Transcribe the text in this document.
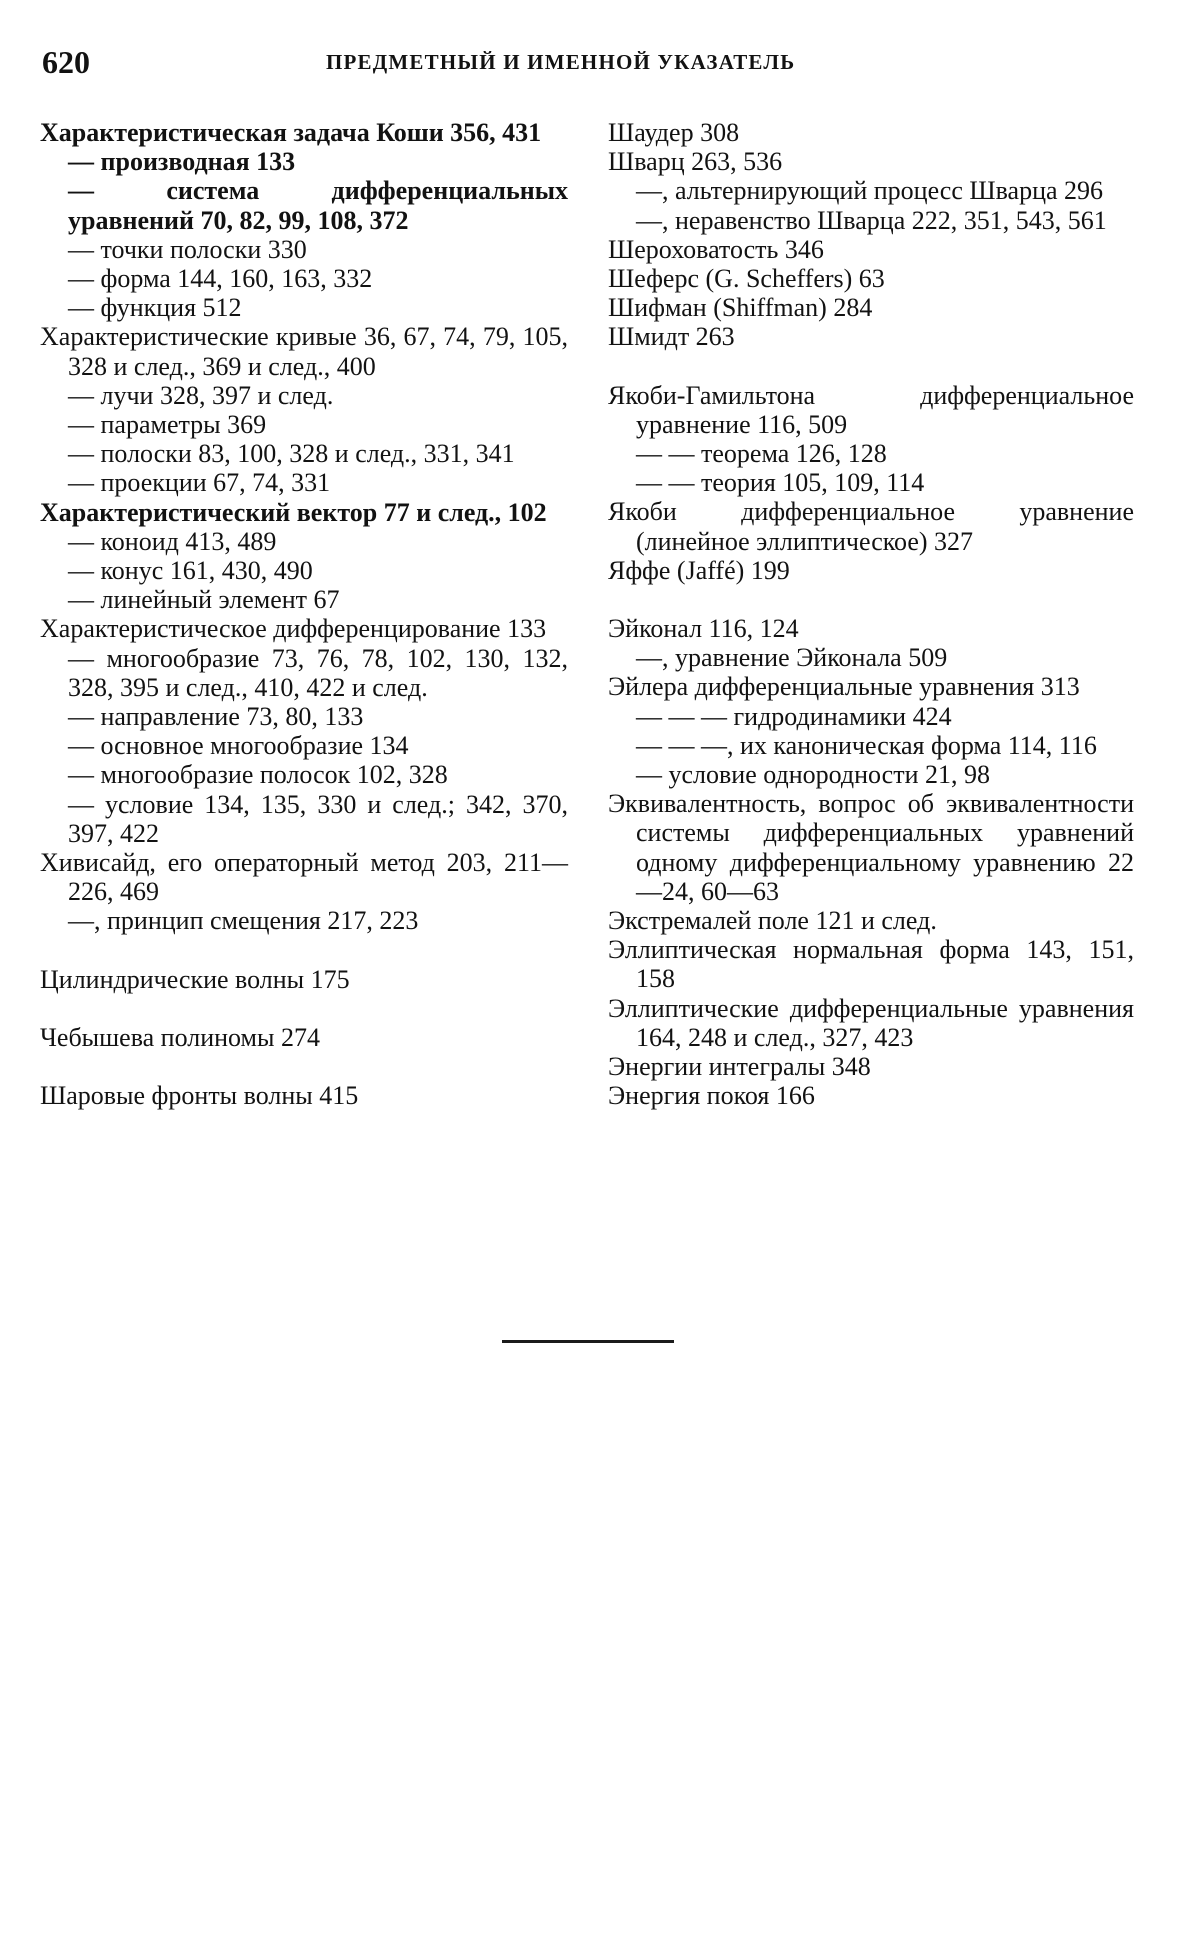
620	ПРЕДМЕТНЫЙ И ИМЕННОЙ УКАЗАТЕЛЬ

Характеристическая задача Коши 356, 431

— производная 133

— система дифференциальных уравнений 70, 82, 99, 108, 372

— точки полоски 330

— форма 144, 160, 163, 332

— функция 512

Характеристические кривые 36, 67, 74, 79, 105, 328 и след., 369 и след., 400

— лучи 328, 397 и след.

— параметры 369

— полоски 83, 100, 328 и след., 331, 341

— проекции 67, 74, 331

Характеристический вектор 77 и след., 102

— коноид 413, 489

— конус 161, 430, 490

— линейный элемент 67

Характеристическое дифференцирование 133

— многообразие 73, 76, 78, 102, 130, 132, 328, 395 и след., 410, 422 и след.

— направление 73, 80, 133

— основное многообразие 134

— многообразие полосок 102, 328

— условие 134, 135, 330 и след.; 342, 370, 397, 422

Хивисайд, его операторный метод 203, 211—226, 469

—, принцип смещения 217, 223

Цилиндрические волны 175

Чебышева полиномы 274

Шаровые фронты волны 415

Шаудер 308

Шварц 263, 536

—, альтернирующий процесс Шварца 296

—, неравенство Шварца 222, 351, 543, 561

Шероховатость 346

Шеферс (G. Scheffers) 63

Шифман (Shiffman) 284

Шмидт 263

Якоби-Гамильтона дифференциальное уравнение 116, 509

— — теорема 126, 128

— — теория 105, 109, 114

Якоби дифференциальное уравнение (линейное эллиптическое) 327

Яффе (Jaffé) 199

Эйконал 116, 124

—, уравнение Эйконала 509

Эйлера дифференциальные уравнения 313

— — — гидродинамики 424

— — —, их каноническая форма 114, 116

— условие однородности 21, 98

Эквивалентность, вопрос об эквивалентности системы дифференциальных уравнений одному дифференциальному уравнению 22—24, 60—63

Экстремалей поле 121 и след.

Эллиптическая нормальная форма 143, 151, 158

Эллиптические дифференциальные уравнения 164, 248 и след., 327, 423

Энергии интегралы 348

Энергия покоя 166
